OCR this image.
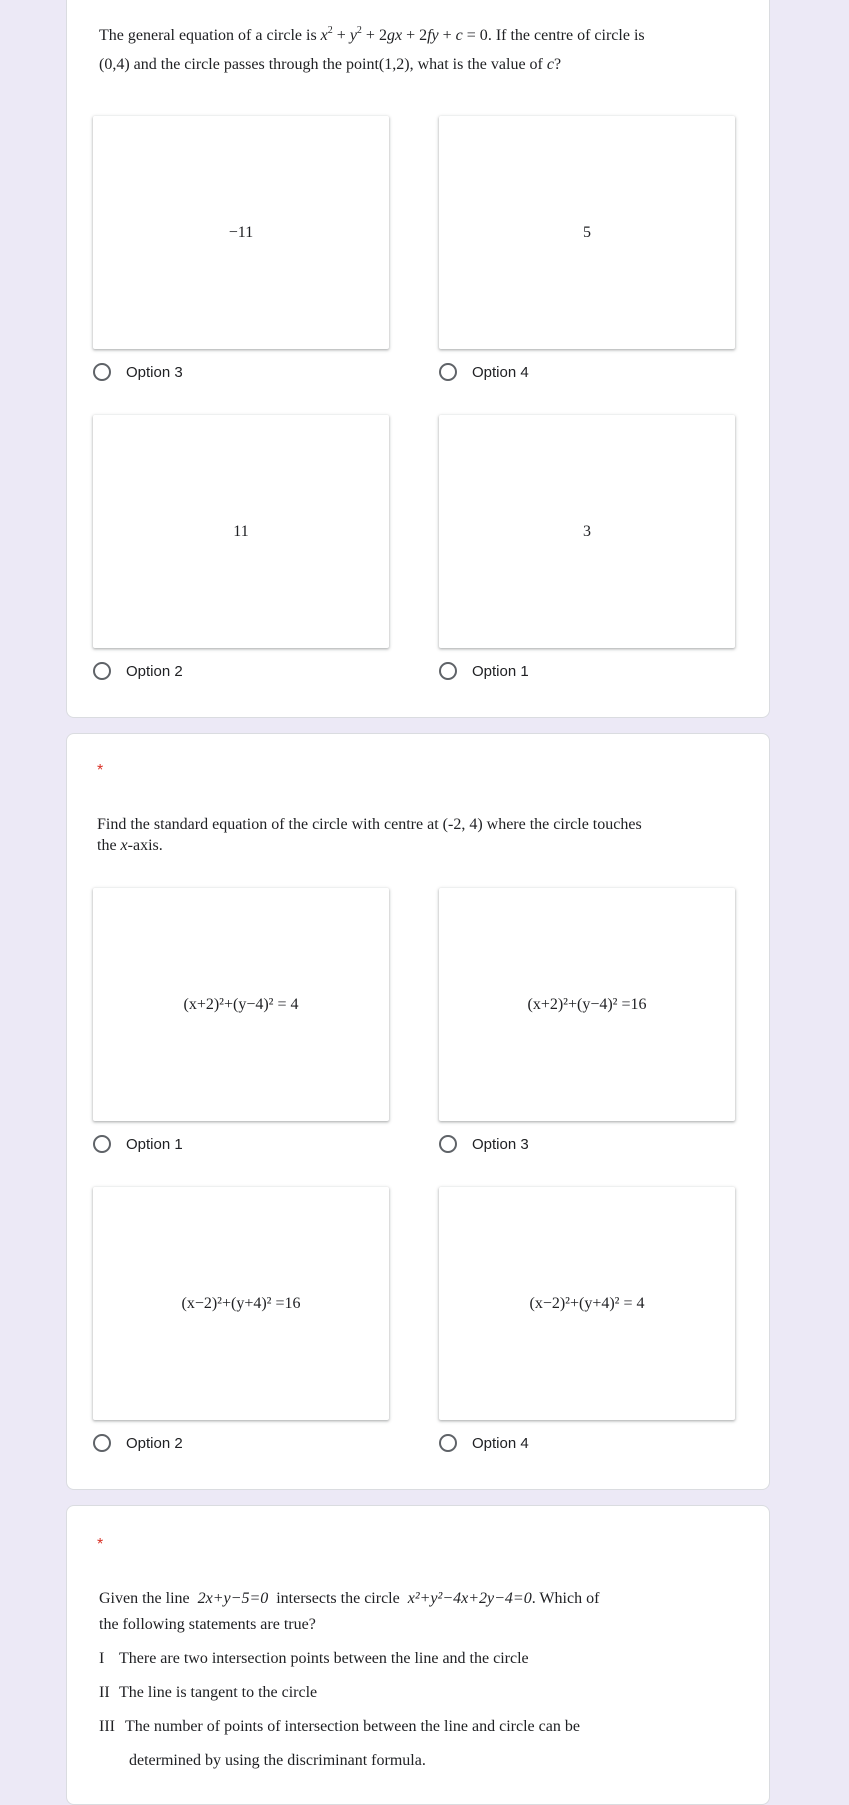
The general equation of a circle is $x^2 + y^2 + 2gx + 2fy + c = 0$. If the centre of circle is
(0,4) and the circle passes through the point(1,2), what is the value of c?
−11	5
Option 3	Option 4
11	3
Option 2	Option 1
*
Find the standard equation of the circle with centre at (-2, 4) where the circle touches
the x-axis.
(x+2)²+(y−4)² = 4	(x+2)²+(y−4)² =16
Option 1	Option 3
(x−2)²+(y+4)² =16	(x−2)²+(y+4)² = 4
Option 2	Option 4
*
Given the line 2x+y−5=0 intersects the circle x²+y²−4x+2y−4=0. Which of
the following statements are true?
I There are two intersection points between the line and the circle
II The line is tangent to the circle
III The number of points of intersection between the line and circle can be
determined by using the discriminant formula.
